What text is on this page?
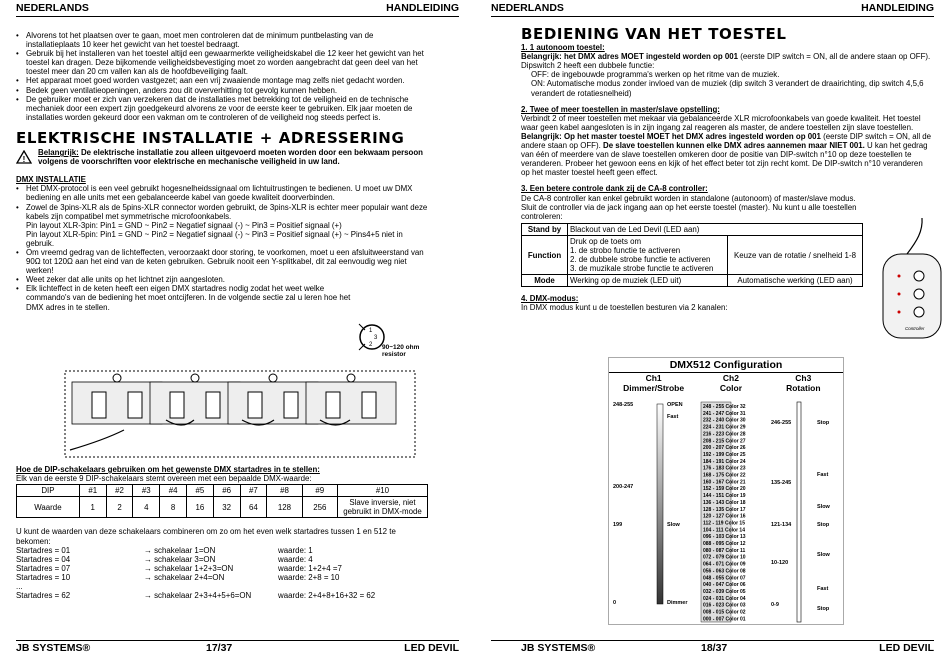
NEDERLANDS	HANDLEIDING
• Alvorens tot het plaatsen over te gaan, moet men controleren dat de minimum puntbelasting van de installatieplaats 10 keer het gewicht van het toestel bedraagt.
• Gebruik bij het installeren van het toestel altijd een gewaarmerkte veiligheidskabel die 12 keer het gewicht van het toestel kan dragen. Deze bijkomende veiligheidsbevestiging moet zo worden aangebracht dat geen deel van het toestel meer dan 20 cm vallen kan als de hoofdbeveiliging faalt.
• Het apparaat moet goed worden vastgezet; aan een vrij zwaaiende montage mag zelfs niet gedacht worden.
• Bedek geen ventilatieopeningen, anders zou dit oververhitting tot gevolg kunnen hebben.
• De gebruiker moet er zich van verzekeren dat de installaties met betrekking tot de veiligheid en de technische mechaniek door een expert zijn goedgekeurd alvorens ze voor de eerste keer te gebruiken. Elk jaar moeten de installaties worden gekeurd door een vakman om te controleren of de veiligheid nog steeds perfect is.
ELEKTRISCHE INSTALLATIE + ADRESSERING
!
Belangrijk: De elektrische installatie zou alleen uitgevoerd moeten worden door een bekwaam persoon volgens de voorschriften voor elektrische en mechanische veiligheid in uw land.
DMX INSTALLATIE
• Het DMX-protocol is een veel gebruikt hogesnelheidssignaal om lichtuitrustingen te bedienen. U moet uw DMX bediening en alle units met een gebalanceerde kabel van goede kwaliteit doorverbinden.
• Zowel de 3pins-XLR als de 5pins-XLR connector worden gebruikt, de 3pins-XLR is echter meer populair want deze kabels zijn compatibel met symmetrische microfoonkabels.
Pin layout XLR-3pin: Pin1 = GND ~ Pin2 = Negatief signaal (-) ~ Pin3 = Positief signaal (+)
Pin layout XLR-5pin: Pin1 = GND ~ Pin2 = Negatief signaal (-) ~ Pin3 = Positief signaal (+) ~ Pins4+5 niet in gebruik.
• Om vreemd gedrag van de lichteffecten, veroorzaakt door storing, te voorkomen, moet u een afsluitweerstand van 90Ω tot 120Ω aan het eind van de keten gebruiken. Gebruik nooit een Y-splitkabel, dit zal eenvoudig weg niet werken!
• Weet zeker dat alle units op het lichtnet zijn aangesloten.
• Elk lichteffect in de keten heeft een eigen DMX startadres nodig zodat het weet welke commando's van de bediening het moet ontcijferen. In de volgende sectie zal u leren hoe het DMX adres in te stellen.
1
3
2 90~120 ohm resistor
Hoe de DIP-schakelaars gebruiken om het gewenste DMX startadres in te stellen:
Elk van de eerste 9 DIP-schakelaars stemt overeen met een bepaalde DMX-waarde:
DIP	#1	#2	#3	#4	#5	#6	#7	#8	#9	#10
Waarde	1	2	4	8	16	32	64	128	256	Slave inversie, niet gebruikt in DMX-mode
U kunt de waarden van deze schakelaars combineren om zo om het even welk startadres tussen 1 en 512 te bekomen:
Startadres = 01	→ schakelaar 1=ON	waarde: 1
Startadres = 04	→ schakelaar 3=ON	waarde: 4
Startadres = 07	→ schakelaar 1+2+3=ON	waarde: 1+2+4 =7
Startadres = 10	→ schakelaar 2+4=ON	waarde: 2+8 = 10
...
Startadres = 62	→ schakelaar 2+3+4+5+6=ON	waarde: 2+4+8+16+32 = 62
JB SYSTEMS®	17/37	LED DEVIL
NEDERLANDS	HANDLEIDING
BEDIENING VAN HET TOESTEL
1. 1 autonoom toestel:
Belangrijk: het DMX adres MOET ingesteld worden op 001 (eerste DIP switch = ON, all de andere staan op OFF).
Dipswitch 2 heeft een dubbele functie:
OFF: de ingebouwde programma's werken op het ritme van de muziek.
ON: Automatische modus zonder invloed van de muziek (dip switch 3 verandert de draairichting, dip switch 4,5,6 verandert de rotatiesnelheid)
2. Twee of meer toestellen in master/slave opstelling:
Verbindt 2 of meer toestellen met mekaar via gebalanceerde XLR microfoonkabels van goede kwaliteit. Het toestel waar geen kabel aangesloten is in zijn ingang zal reageren als master, de andere toestellen zijn slave toestellen.
Belangrijk: Op het master toestel MOET het DMX adres ingesteld worden op 001 (eerste DIP switch = ON, all de andere staan op OFF). De slave toestellen kunnen elke DMX adres aannemen maar NIET 001. U kan het gedrag van één of meerdere van de slave toestellen omkeren door de positie van DIP-switch n°10 op deze toestellen te veranderen. Probeer het gewoon eens en kijk of het effect beter tot zijn recht komt. De DIP-switch n°10 veranderen op het master toestel heeft geen effect.
3. Een betere controle dank zij de CA-8 controller:
De CA-8 controller kan enkel gebruikt worden in standalone (autonoom) of master/slave modus. Sluit de controller via de jack ingang aan op het eerste toestel (master). Nu kunt u alle toestellen controleren:
Stand by	Blackout van de Led Devil (LED aan)	
Function	Druk op de toets om
1. de strobo functie te activeren
2. de dubbele strobe functie te activeren
3. de muzikale strobe functie te activeren	Keuze van de rotatie / snelheid 1-8
Mode	Werking op de muziek (LED uit)	Automatische werking (LED aan)
4. DMX-modus:
In DMX modus kunt u de toestellen besturen via 2 kanalen:
Controller
DMX512 Configuration
Ch1
Dimmer/Strobe
Ch2
Color
Ch3
Rotation
248-255
200-247
199
0
OPEN
Fast
Slow
Dimmer
248 - 255 Color 32
241 - 247 Color 31
232 - 240 Color 30
224 - 231 Color 29
216 - 223 Color 28
208 - 215 Color 27
200 - 207 Color 26
192 - 199 Color 25
184 - 191 Color 24
176 - 183 Color 23
168 - 175 Color 22
160 - 167 Color 21
152 - 159 Color 20
144 - 151 Color 19
136 - 143 Color 18
128 - 135 Color 17
120 - 127 Color 16
112 - 119 Color 15
104 - 111 Color 14
096 - 103 Color 13
088 - 095 Color 12
080 - 087 Color 11
072 - 079 Color 10
064 - 071 Color 09
056 - 063 Color 08
048 - 055 Color 07
040 - 047 Color 06
032 - 039 Color 05
024 - 031 Color 04
016 - 023 Color 03
008 - 015 Color 02
000 - 007 Color 01
246-255
135-245
121-134
10-120
0-9
Stop
Fast
Slow
Stop
Slow
Fast
Stop
JB SYSTEMS®	18/37	LED DEVIL
